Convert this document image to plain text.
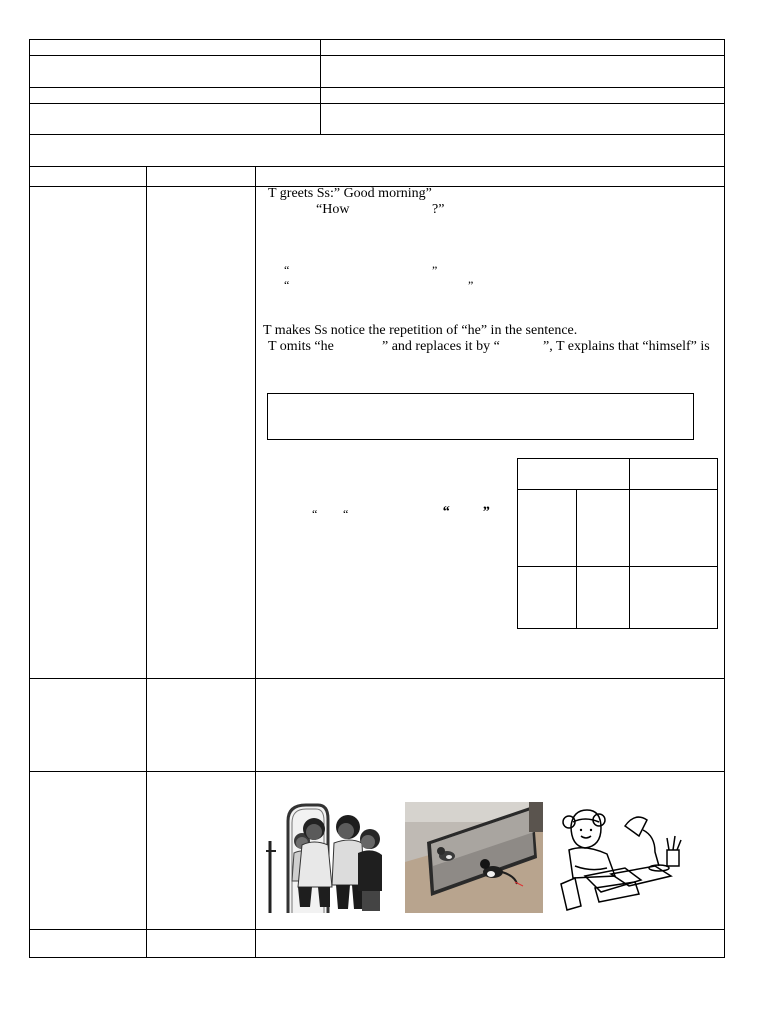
T greets Ss:” Good morning”
“How	?”
“	”
“	”
T makes Ss notice the repetition of “he” in the sentence.
T omits “he	” and replaces it by “	”, T explains that “himself” is
“ “	“ ”
